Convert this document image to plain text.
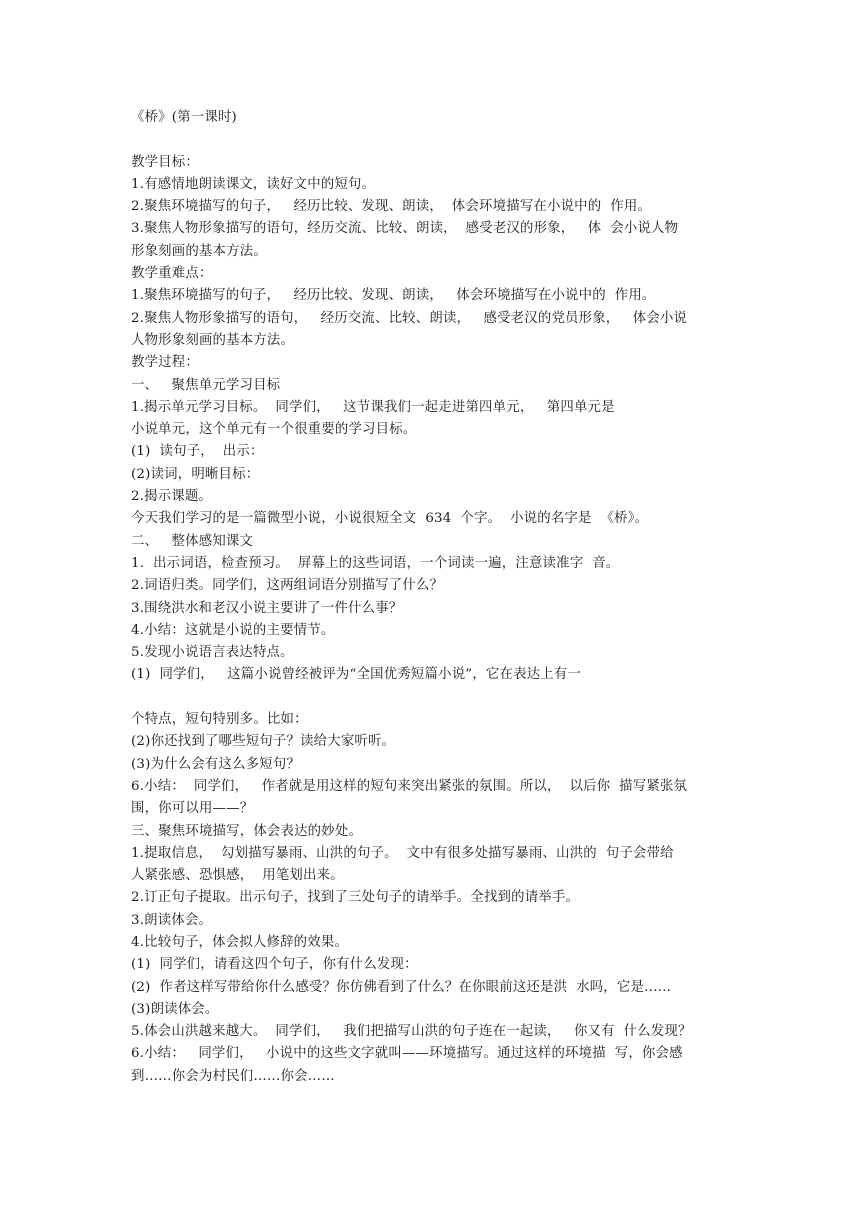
《桥》(第一课时)
教学目标：
1.有感情地朗读课文，读好文中的短句。
2.聚焦环境描写的句子，   经历比较、发现、朗读，  体会环境描写在小说中的  作用。
3.聚焦人物形象描写的语句，经历交流、比较、朗读，  感受老汉的形象，   体  会小说人物
形象刻画的基本方法。
教学重难点：
1.聚焦环境描写的句子，   经历比较、发现、朗读，   体会环境描写在小说中的  作用。
2.聚焦人物形象描写的语句，   经历交流、比较、朗读，   感受老汉的党员形象，   体会小说
人物形象刻画的基本方法。
教学过程：
一、   聚焦单元学习目标
1.揭示单元学习目标。  同学们，   这节课我们一起走进第四单元，   第四单元是
小说单元，这个单元有一个很重要的学习目标。
(1)  读句子，  出示：
(2)读词，明晰目标：
2.揭示课题。
今天我们学习的是一篇微型小说，小说很短全文  634  个字。  小说的名字是  《桥》。
二、   整体感知课文
1.  出示词语，检查预习。  屏幕上的这些词语，一个词读一遍，注意读准字  音。
2.词语归类。同学们，这两组词语分别描写了什么？
3.围绕洪水和老汉小说主要讲了一件什么事？
4.小结：这就是小说的主要情节。
5.发现小说语言表达特点。
(1)  同学们，   这篇小说曾经被评为“全国优秀短篇小说”，它在表达上有一
个特点，短句特别多。比如：
(2)你还找到了哪些短句子？读给大家听听。
(3)为什么会有这么多短句？
6.小结：  同学们，   作者就是用这样的短句来突出紧张的氛围。所以，  以后你  描写紧张氛
围，你可以用——？
三、聚焦环境描写，体会表达的妙处。
1.提取信息，  勾划描写暴雨、山洪的句子。  文中有很多处描写暴雨、山洪的  句子会带给
人紧张感、恐惧感，  用笔划出来。
2.订正句子提取。出示句子，找到了三处句子的请举手。全找到的请举手。
3.朗读体会。
4.比较句子，体会拟人修辞的效果。
(1)  同学们，请看这四个句子，你有什么发现：
(2)  作者这样写带给你什么感受？你仿佛看到了什么？在你眼前这还是洪  水吗，它是……
(3)朗读体会。
5.体会山洪越来越大。  同学们，   我们把描写山洪的句子连在一起读，   你又有  什么发现？
6.小结：   同学们，   小说中的这些文字就叫——环境描写。通过这样的环境描  写，你会感
到……你会为村民们……你会……
